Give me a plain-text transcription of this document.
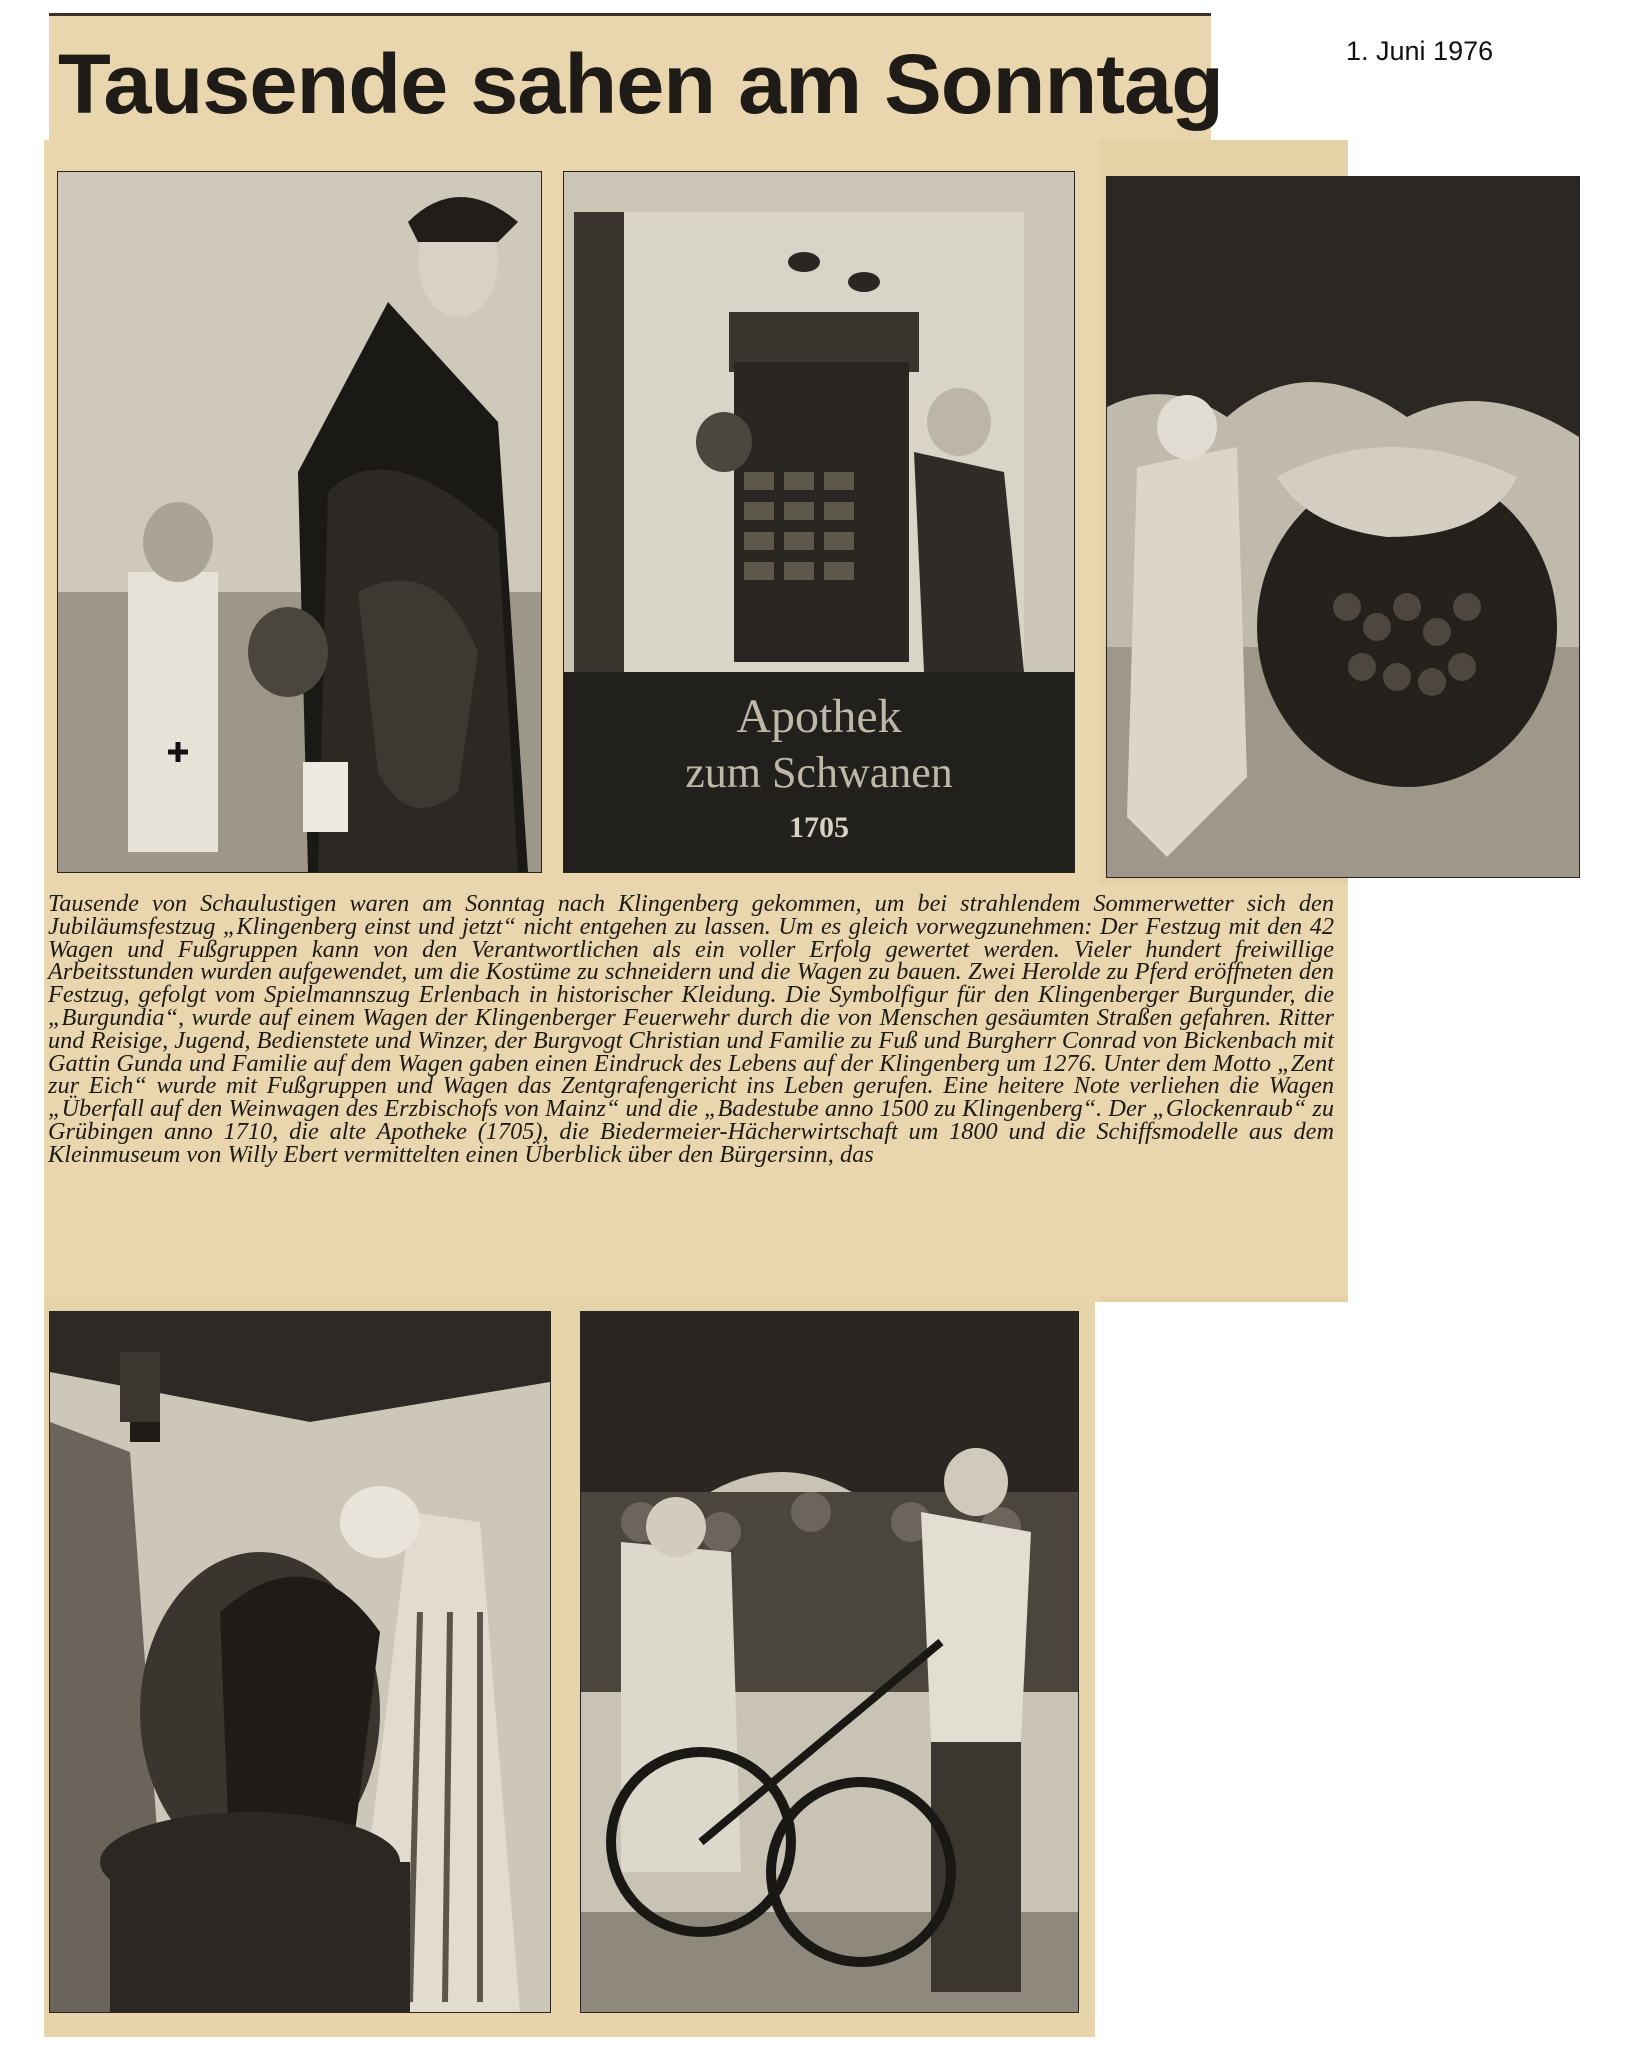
1. Juni 1976
Tausende sahen am Sonntag
Apothek
zum Schwanen
1705
Tausende von Schaulustigen waren am Sonntag nach Klingenberg gekommen, um bei strahlendem Sommerwetter sich den Jubiläumsfestzug „Klingenberg einst und jetzt“ nicht entgehen zu lassen. Um es gleich vorwegzunehmen: Der Festzug mit den 42 Wagen und Fußgruppen kann von den Verantwortlichen als ein voller Erfolg gewertet werden. Vieler hundert freiwillige Arbeitsstunden wurden aufgewendet, um die Kostüme zu schneidern und die Wagen zu bauen. Zwei Herolde zu Pferd eröffneten den Festzug, gefolgt vom Spielmannszug Erlenbach in historischer Kleidung. Die Symbolfigur für den Klingenberger Burgunder, die „Burgundia“, wurde auf einem Wagen der Klingenberger Feuerwehr durch die von Menschen gesäumten Straßen gefahren. Ritter und Reisige, Jugend, Bedienstete und Winzer, der Burgvogt Christian und Familie zu Fuß und Burgherr Conrad von Bickenbach mit Gattin Gunda und Familie auf dem Wagen gaben einen Eindruck des Lebens auf der Klingenberg um 1276. Unter dem Motto „Zent zur Eich“ wurde mit Fußgruppen und Wagen das Zentgrafengericht ins Leben gerufen. Eine heitere Note verliehen die Wagen „Überfall auf den Weinwagen des Erzbischofs von Mainz“ und die „Badestube anno 1500 zu Klingenberg“. Der „Glockenraub“ zu Grübingen anno 1710, die alte Apotheke (1705), die Biedermeier-Hächerwirtschaft um 1800 und die Schiffsmodelle aus dem Kleinmuseum von Willy Ebert vermittelten einen Überblick über den Bürgersinn, das
